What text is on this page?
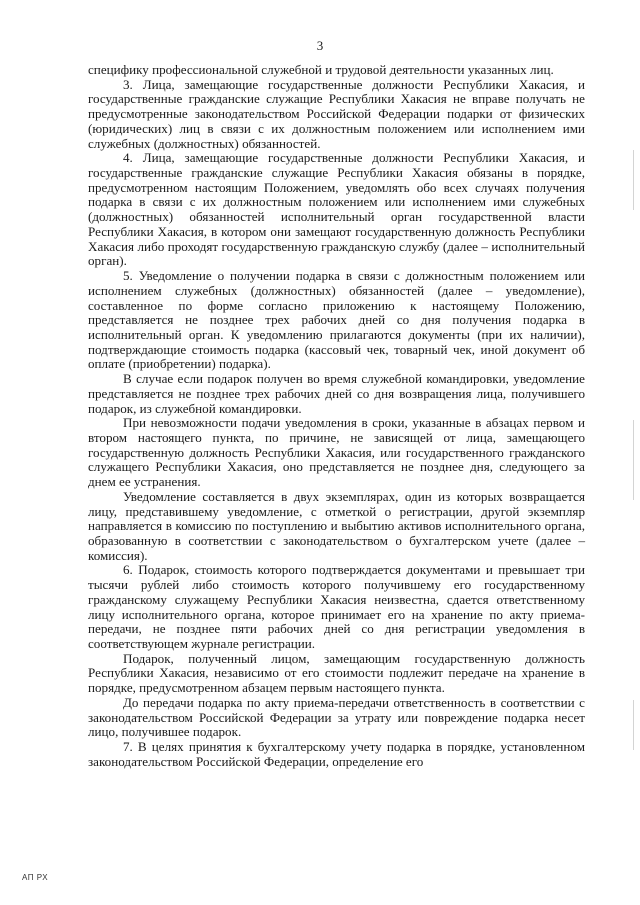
3

специфику профессиональной служебной и трудовой деятельности указанных лиц.

3. Лица, замещающие государственные должности Республики Хакасия, и государственные гражданские служащие Республики Хакасия не вправе получать не предусмотренные законодательством Российской Федерации подарки от физических (юридических) лиц в связи с их должностным положением или исполнением ими служебных (должностных) обязанностей.

4. Лица, замещающие государственные должности Республики Хакасия, и государственные гражданские служащие Республики Хакасия обязаны в порядке, предусмотренном настоящим Положением, уведомлять обо всех случаях получения подарка в связи с их должностным положением или исполнением ими служебных (должностных) обязанностей исполнительный орган государственной власти Республики Хакасия, в котором они замещают государственную должность Республики Хакасия либо проходят государственную гражданскую службу (далее – исполнительный орган).

5. Уведомление о получении подарка в связи с должностным положением или исполнением служебных (должностных) обязанностей (далее – уведомление), составленное по форме согласно приложению к настоящему Положению, представляется не позднее трех рабочих дней со дня получения подарка в исполнительный орган. К уведомлению прилагаются документы (при их наличии), подтверждающие стоимость подарка (кассовый чек, товарный чек, иной документ об оплате (приобретении) подарка).

В случае если подарок получен во время служебной командировки, уведомление представляется не позднее трех рабочих дней со дня возвращения лица, получившего подарок, из служебной командировки.

При невозможности подачи уведомления в сроки, указанные в абзацах первом и втором настоящего пункта, по причине, не зависящей от лица, замещающего государственную должность Республики Хакасия, или государственного гражданского служащего Республики Хакасия, оно представляется не позднее дня, следующего за днем ее устранения.

Уведомление составляется в двух экземплярах, один из которых возвращается лицу, представившему уведомление, с отметкой о регистрации, другой экземпляр направляется в комиссию по поступлению и выбытию активов исполнительного органа, образованную в соответствии с законодательством о бухгалтерском учете (далее – комиссия).

6. Подарок, стоимость которого подтверждается документами и превышает три тысячи рублей либо стоимость которого получившему его государственному гражданскому служащему Республики Хакасия неизвестна, сдается ответственному лицу исполнительного органа, которое принимает его на хранение по акту приема-передачи, не позднее пяти рабочих дней со дня регистрации уведомления в соответствующем журнале регистрации.

Подарок, полученный лицом, замещающим государственную должность Республики Хакасия, независимо от его стоимости подлежит передаче на хранение в порядке, предусмотренном абзацем первым настоящего пункта.

До передачи подарка по акту приема-передачи ответственность в соответствии с законодательством Российской Федерации за утрату или повреждение подарка несет лицо, получившее подарок.

7. В целях принятия к бухгалтерскому учету подарка в порядке, установленном законодательством Российской Федерации, определение его

АП РХ
